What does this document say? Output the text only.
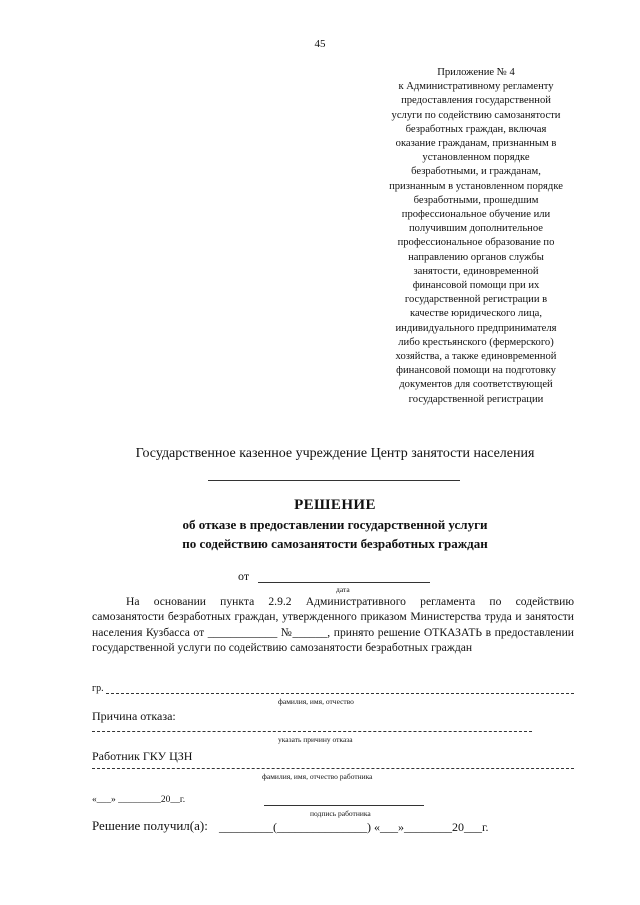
45
Приложение № 4
к Административному регламенту
предоставления государственной
услуги по содействию самозанятости
безработных граждан, включая
оказание гражданам, признанным в
установленном порядке
безработными, и гражданам,
признанным в установленном порядке
безработными, прошедшим
профессиональное обучение или
получившим дополнительное
профессиональное образование по
направлению органов службы
занятости, единовременной
финансовой помощи при их
государственной регистрации в
качестве юридического лица,
индивидуального предпринимателя
либо крестьянского (фермерского)
хозяйства, а также единовременной
финансовой помощи на подготовку
документов для соответствующей
государственной регистрации
Государственное казенное учреждение Центр занятости населения
РЕШЕНИЕ
об отказе в предоставлении государственной услуги
по содействию самозанятости безработных граждан
от
дата
На основании пункта 2.9.2 Административного регламента по содействию
самозанятости безработных граждан, утвержденного приказом Министерства труда и занятости населения Кузбасса от ____________ №______, принято решение ОТКАЗАТЬ в предоставлении государственной услуги по содействию самозанятости безработных граждан
гр.
фамилия, имя, отчество
Причина отказа:
указать причину отказа
Работник ГКУ ЦЗН
фамилия, имя, отчество работника
«___» _________20__г.
подпись работника
Решение получил(а): _________(_______________) «___»________20___г.
